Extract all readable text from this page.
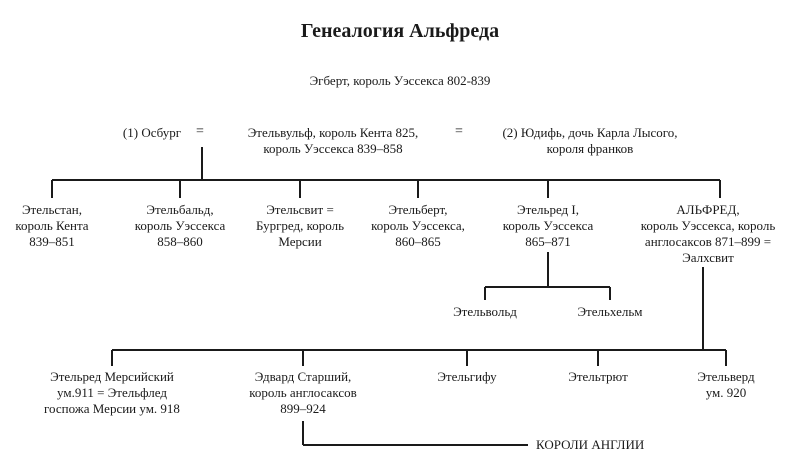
Генеалогия Альфреда
Эгберт, король Уэссекса 802-839
(1) Осбург	=	Этельвульф, король Кента 825,
король Уэссекса 839–858
=	(2) Юдифь, дочь Карла Лысого,
короля франков
Этельстан,
король Кента
839–851
Этельбальд,
король Уэссекса
858–860
Этельсвит =
Бургред, король
Мерсии
Этельберт,
король Уэссекса,
860–865
Этельред I,
король Уэссекса
865–871
АЛЬФРЕД,
король Уэссекса, король
англосаксов 871–899 =
Эалхсвит
Этельвольд	Этельхельм
Этельред Мерсийский
ум.911 = Этельфлед
госпожа Мерсии ум. 918
Эдвард Старший,
король англосаксов
899–924
Этельгифу	Этельтрют	Этельверд
ум. 920
КОРОЛИ АНГЛИИ
